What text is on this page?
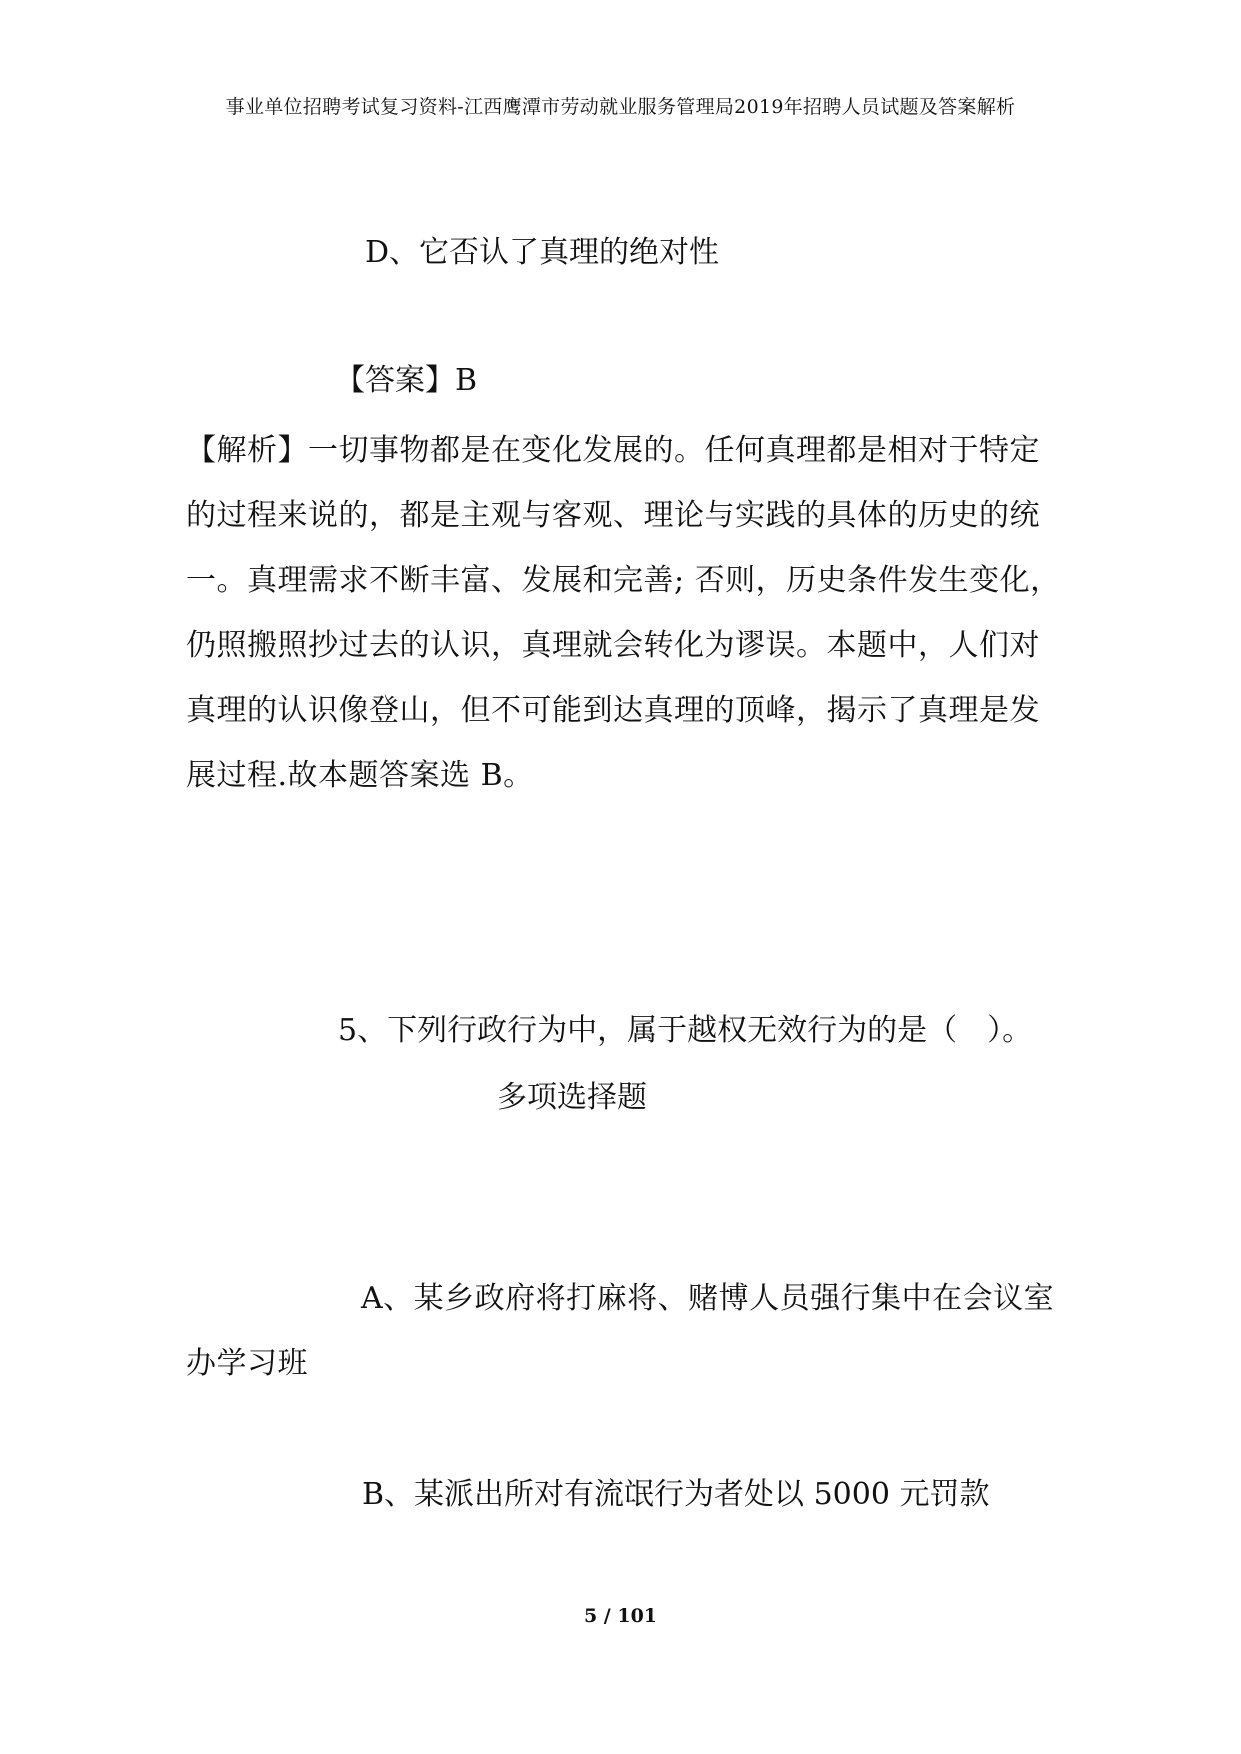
事业单位招聘考试复习资料-江西鹰潭市劳动就业服务管理局2019年招聘人员试题及答案解析
D、它否认了真理的绝对性
【答案】B
【解析】一切事物都是在变化发展的。任何真理都是相对于特定的过程来说的，都是主观与客观、理论与实践的具体的历史的统一。真理需求不断丰富、发展和完善; 否则，历史条件发生变化，仍照搬照抄过去的认识，真理就会转化为谬误。本题中，人们对真理的认识像登山，但不可能到达真理的顶峰，揭示了真理是发展过程.故本题答案选 B。
5、下列行政行为中，属于越权无效行为的是（　）。
多项选择题
A、某乡政府将打麻将、赌博人员强行集中在会议室办学习班
B、某派出所对有流氓行为者处以 5000 元罚款
5 / 101
